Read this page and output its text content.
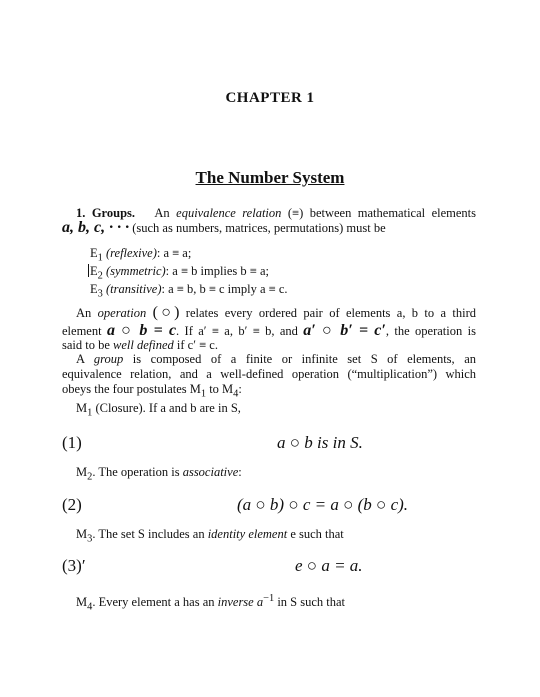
CHAPTER 1
The Number System
1. Groups. An equivalence relation (≡) between mathematical elements
a, b, c, · · · (such as numbers, matrices, permutations) must be
$E_1$ (reflexive): a ≡ a;
$E_2$ (symmetric): a ≡ b implies b ≡ a;
$E_3$ (transitive): a ≡ b, b ≡ c imply a ≡ c.
An operation (○) relates every ordered pair of elements a, b to a third
element a ○ b = c. If a′ ≡ a, b′ ≡ b, and a′ ○ b′ = c′, the operation is
said to be well defined if c′ ≡ c.
A group is composed of a finite or infinite set S of elements, an
equivalence relation, and a well-defined operation (“multiplication”) which
obeys the four postulates $M_1$ to $M_4$:
$M_1$ (Closure). If a and b are in S,
(1)	a ○ b is in S.
$M_2$. The operation is associative:
(2)	(a ○ b) ○ c = a ○ (b ○ c).
$M_3$. The set S includes an identity element e such that
(3)′	e ○ a = a.
$M_4$. Every element a has an inverse $a^{-1}$ in S such that
